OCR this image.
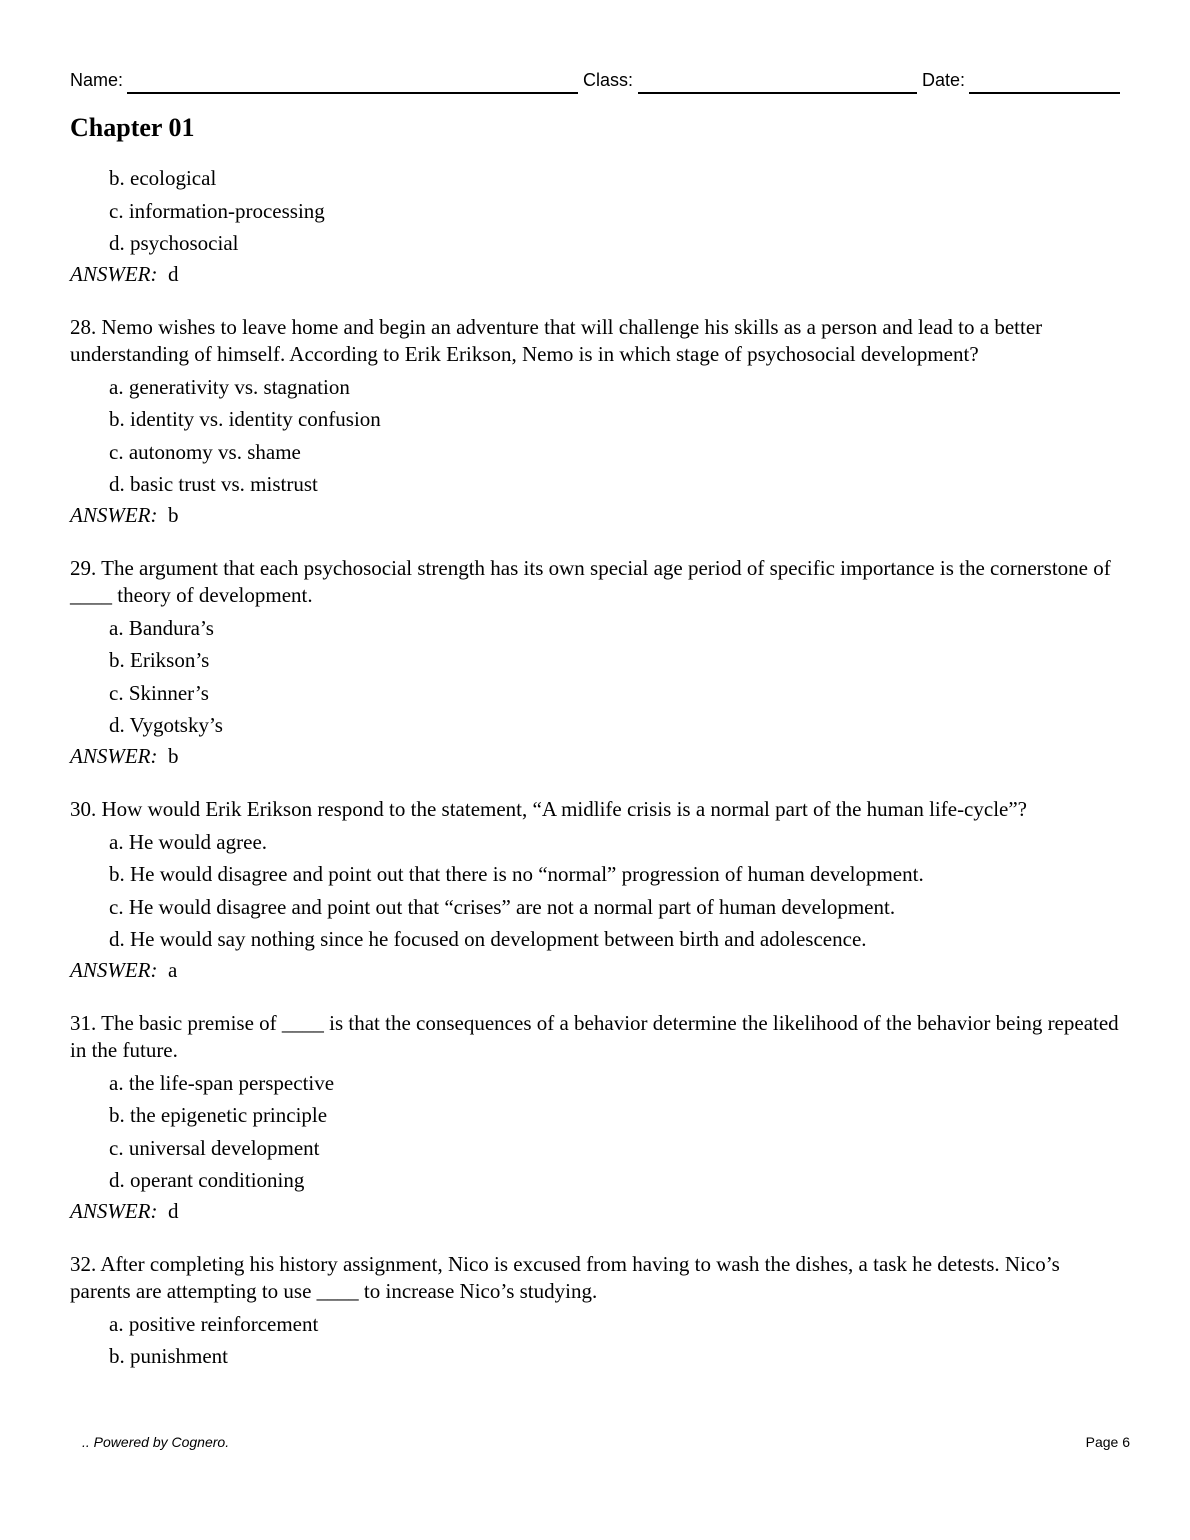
Name:	Class:	Date:
Chapter 01
b. ecological
c. information-processing
d. psychosocial
ANSWER: d
28. Nemo wishes to leave home and begin an adventure that will challenge his skills as a person and lead to a better understanding of himself. According to Erik Erikson, Nemo is in which stage of psychosocial development?
a. generativity vs. stagnation
b. identity vs. identity confusion
c. autonomy vs. shame
d. basic trust vs. mistrust
ANSWER: b
29. The argument that each psychosocial strength has its own special age period of specific importance is the cornerstone of ____ theory of development.
a. Bandura’s
b. Erikson’s
c. Skinner’s
d. Vygotsky’s
ANSWER: b
30. How would Erik Erikson respond to the statement, “A midlife crisis is a normal part of the human life-cycle”?
a. He would agree.
b. He would disagree and point out that there is no “normal” progression of human development.
c. He would disagree and point out that “crises” are not a normal part of human development.
d. He would say nothing since he focused on development between birth and adolescence.
ANSWER: a
31. The basic premise of ____ is that the consequences of a behavior determine the likelihood of the behavior being repeated in the future.
a. the life-span perspective
b. the epigenetic principle
c. universal development
d. operant conditioning
ANSWER: d
32. After completing his history assignment, Nico is excused from having to wash the dishes, a task he detests. Nico’s parents are attempting to use ____ to increase Nico’s studying.
a. positive reinforcement
b. punishment
.. Powered by Cognero.	Page 6
